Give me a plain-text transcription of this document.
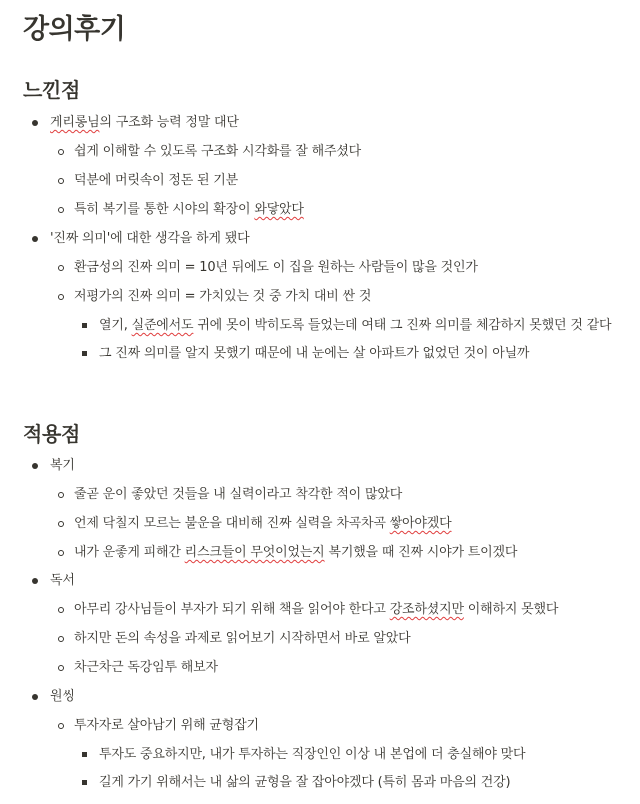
강의후기
느낀점
게리롱님의 구조화 능력 정말 대단
쉽게 이해할 수 있도록 구조화 시각화를 잘 해주셨다
덕분에 머릿속이 정돈 된 기분
특히 복기를 통한 시야의 확장이 와닿았다
'진짜 의미'에 대한 생각을 하게 됐다
환금성의 진짜 의미 = 10년 뒤에도 이 집을 원하는 사람들이 많을 것인가
저평가의 진짜 의미 = 가치있는 것 중 가치 대비 싼 것
열기, 실준에서도 귀에 못이 박히도록 들었는데 여태 그 진짜 의미를 체감하지 못했던 것 같다
그 진짜 의미를 알지 못했기 때문에 내 눈에는 살 아파트가 없었던 것이 아닐까
적용점
복기
줄곧 운이 좋았던 것들을 내 실력이라고 착각한 적이 많았다
언제 닥칠지 모르는 불운을 대비해 진짜 실력을 차곡차곡 쌓아야겠다
내가 운좋게 피해간 리스크들이 무엇이었는지 복기했을 때 진짜 시야가 트이겠다
독서
아무리 강사님들이 부자가 되기 위해 책을 읽어야 한다고 강조하셨지만 이해하지 못했다
하지만 돈의 속성을 과제로 읽어보기 시작하면서 바로 알았다
차근차근 독강임투 해보자
원씽
투자자로 살아남기 위해 균형잡기
투자도 중요하지만, 내가 투자하는 직장인인 이상 내 본업에 더 충실해야 맞다
길게 가기 위해서는 내 삶의 균형을 잘 잡아야겠다 (특히 몸과 마음의 건강)
